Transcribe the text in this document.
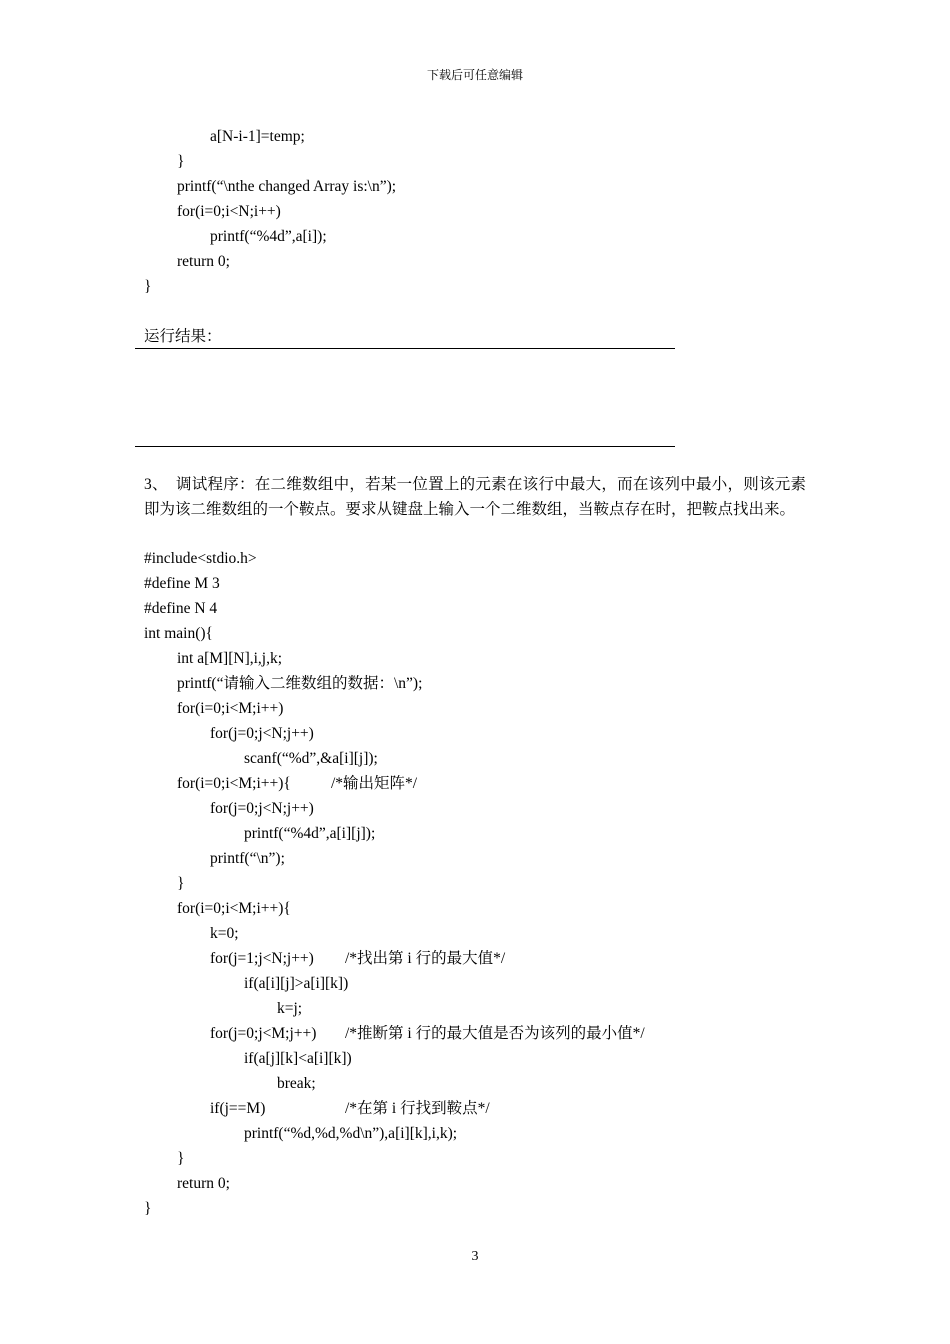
下载后可任意编辑
a[N-i-1]=temp;
}
printf(“\nthe changed Array is:\n”);
for(i=0;i<N;i++)
printf(“%4d”,a[i]);
return 0;
}
运行结果：
3、 调试程序：在二维数组中，若某一位置上的元素在该行中最大，而在该列中最小，则该元素即为该二维数组的一个鞍点。要求从键盘上输入一个二维数组，当鞍点存在时，把鞍点找出来。
#include<stdio.h>
#define M 3
#define N 4
int main(){
int a[M][N],i,j,k;
printf(“请输入二维数组的数据：\n”);
for(i=0;i<M;i++)
for(j=0;j<N;j++)
scanf(“%d”,&a[i][j]);
for(i=0;i<M;i++){	/*输出矩阵*/
for(j=0;j<N;j++)
printf(“%4d”,a[i][j]);
printf(“\n”);
}
for(i=0;i<M;i++){
k=0;
for(j=1;j<N;j++) /*找出第 i 行的最大值*/
if(a[i][j]>a[i][k])
k=j;
for(j=0;j<M;j++) /*推断第 i 行的最大值是否为该列的最小值*/
if(a[j][k]<a[i][k])
break;
if(j==M)	/*在第 i 行找到鞍点*/
printf(“%d,%d,%d\n”),a[i][k],i,k);
}
return 0;
}
3
